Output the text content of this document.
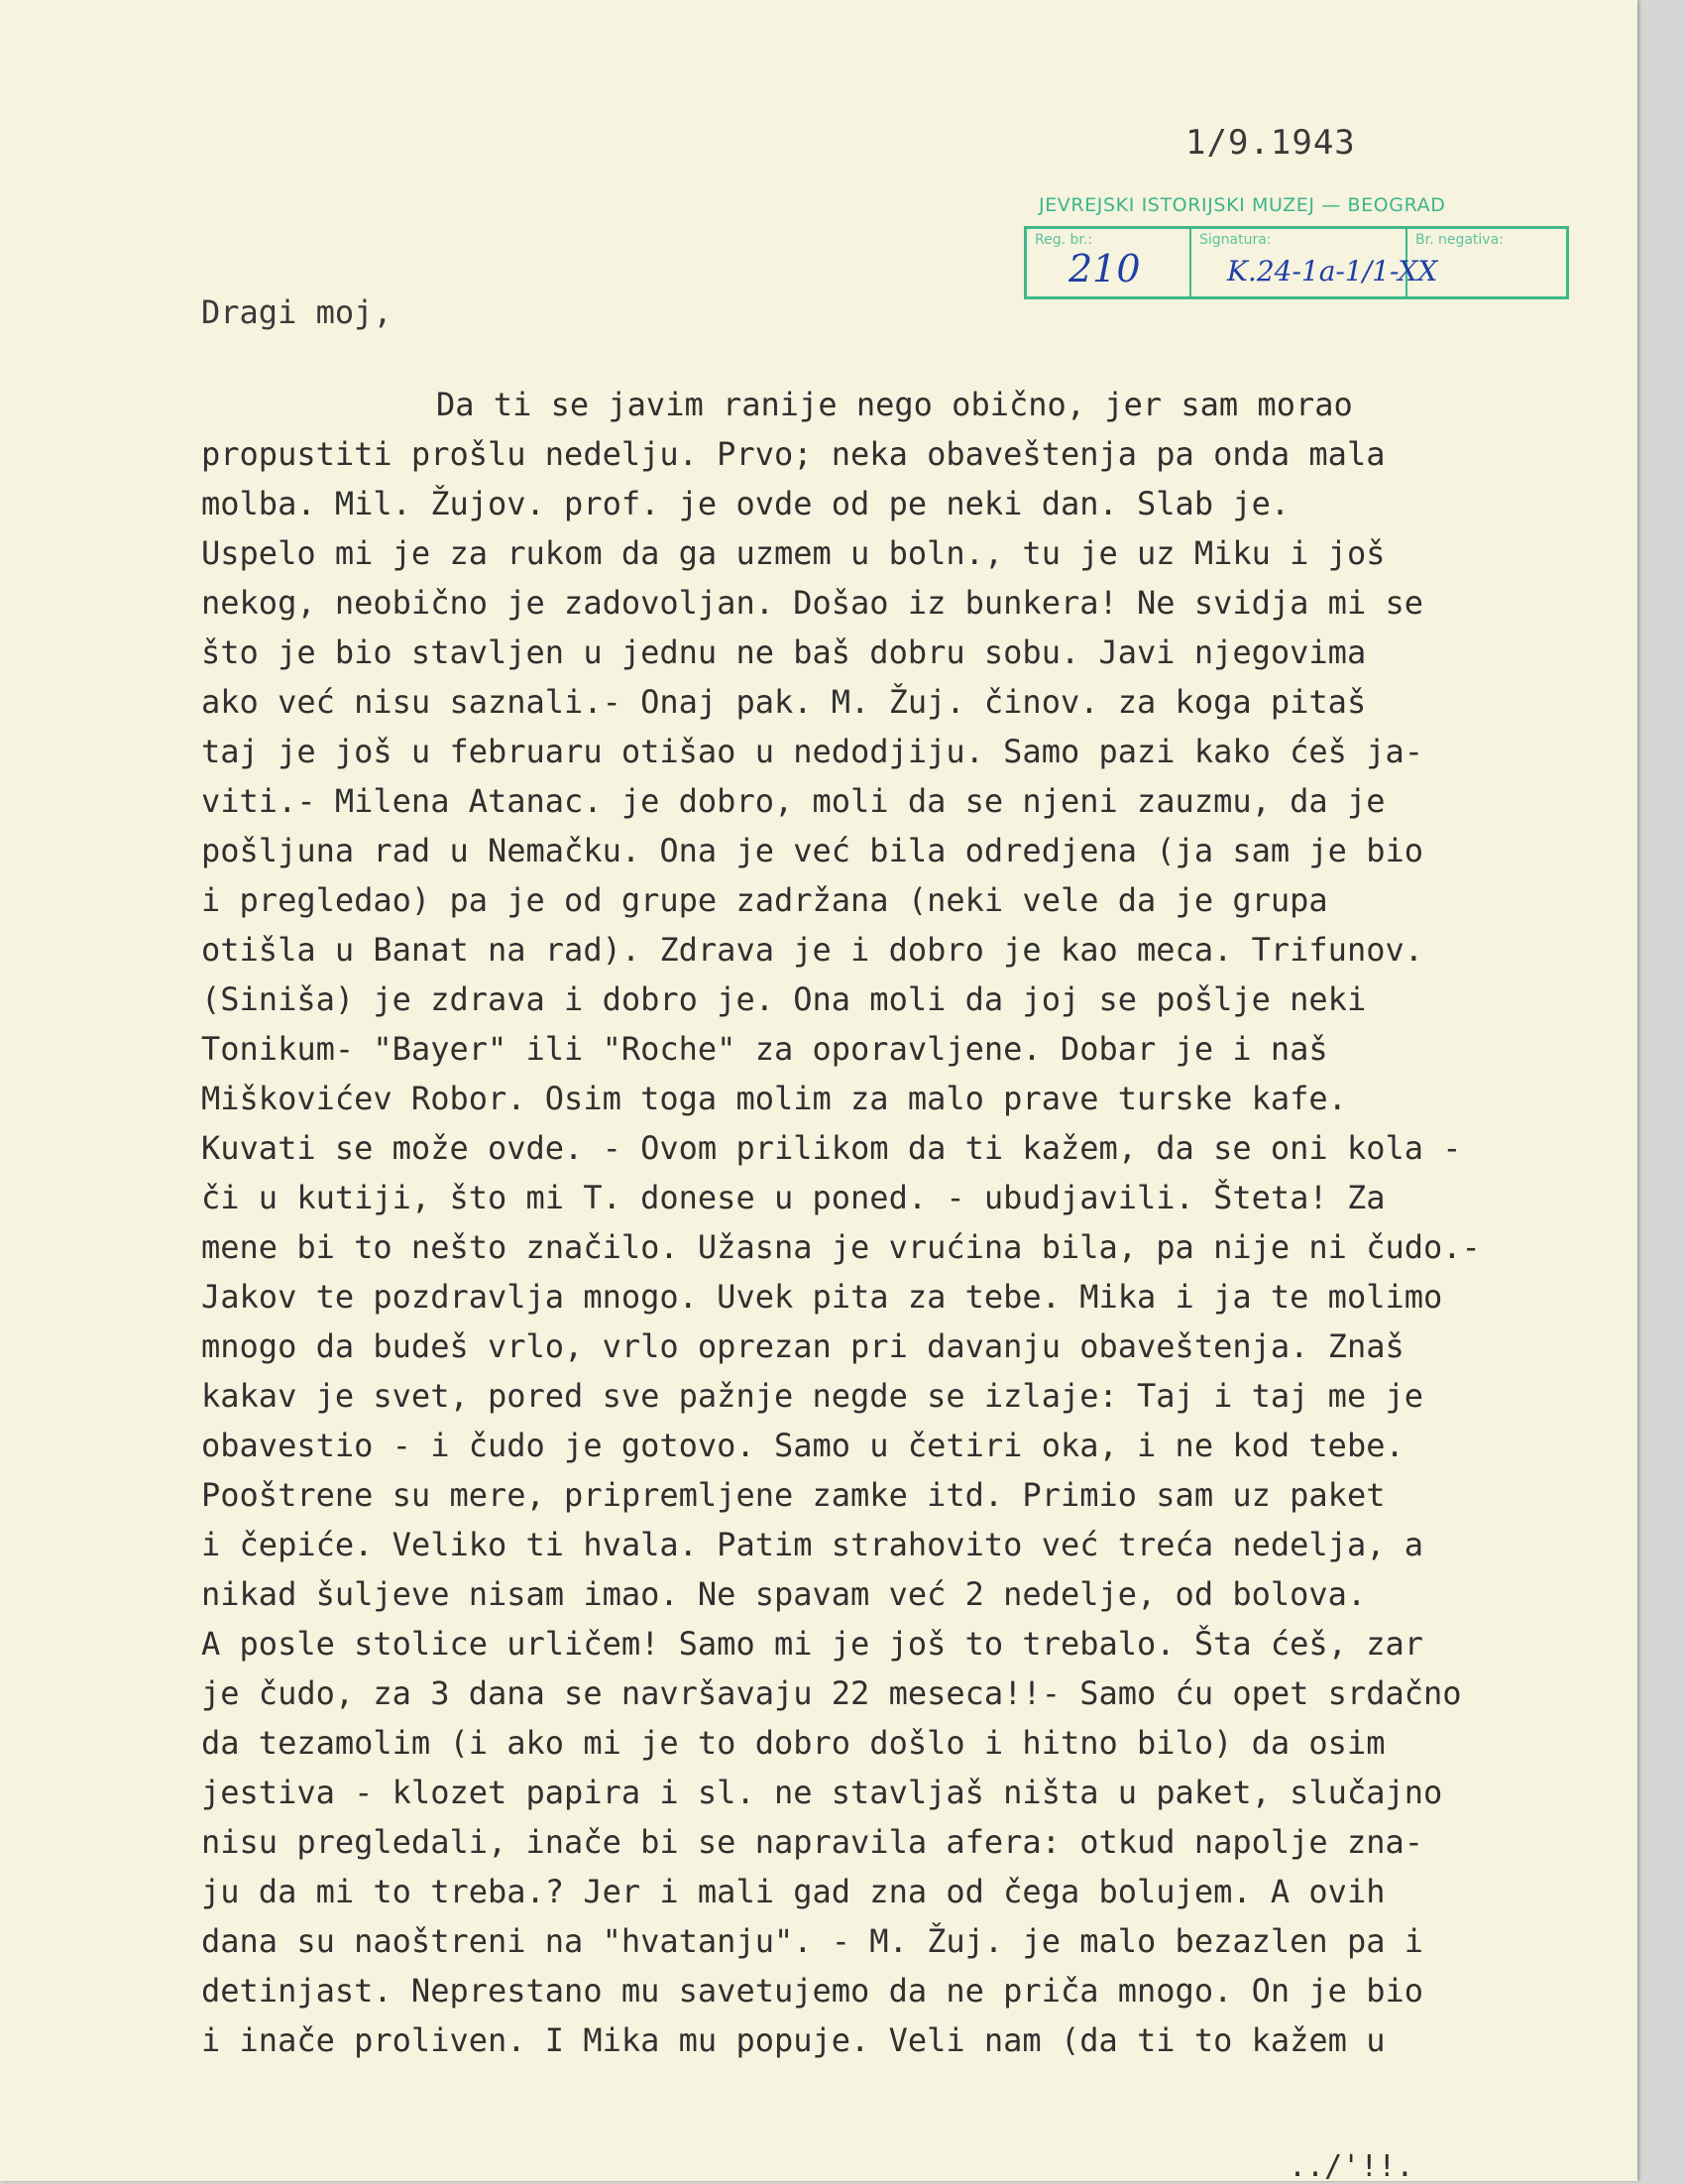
1/9.1943
JEVREJSKI ISTORIJSKI MUZEJ — BEOGRAD
Reg. br.:
210
Signatura:
K.24-1a-1/1-XX
Br. negativa:
Dragi moj,
Da ti se javim ranije nego obično, jer sam morao
propustiti prošlu nedelju. Prvo; neka obaveštenja pa onda mala
molba. Mil. Žujov. prof. je ovde od pe neki dan. Slab je.
Uspelo mi je za rukom da ga uzmem u boln., tu je uz Miku i još
nekog, neobično je zadovoljan. Došao iz bunkera! Ne svidja mi se
što je bio stavljen u jednu ne baš dobru sobu. Javi njegovima
ako već nisu saznali.- Onaj pak. M. Žuj. činov. za koga pitaš
taj je još u februaru otišao u nedodjiju. Samo pazi kako ćeš ja-
viti.- Milena Atanac. je dobro, moli da se njeni zauzmu, da je
pošljuna rad u Nemačku. Ona je već bila odredjena (ja sam je bio
i pregledao) pa je od grupe zadržana (neki vele da je grupa
otišla u Banat na rad). Zdrava je i dobro je kao meca. Trifunov.
(Siniša) je zdrava i dobro je. Ona moli da joj se pošlje neki
Tonikum- "Bayer" ili "Roche" za oporavljene. Dobar je i naš
Miškovićev Robor. Osim toga molim za malo prave turske kafe.
Kuvati se može ovde. - Ovom prilikom da ti kažem, da se oni kola -
či u kutiji, što mi T. donese u poned. - ubudjavili. Šteta! Za
mene bi to nešto značilo. Užasna je vrućina bila, pa nije ni čudo.-
Jakov te pozdravlja mnogo. Uvek pita za tebe. Mika i ja te molimo
mnogo da budeš vrlo, vrlo oprezan pri davanju obaveštenja. Znaš
kakav je svet, pored sve pažnje negde se izlaje: Taj i taj me je
obavestio - i čudo je gotovo. Samo u četiri oka, i ne kod tebe.
Pooštrene su mere, pripremljene zamke itd. Primio sam uz paket
i čepiće. Veliko ti hvala. Patim strahovito već treća nedelja, a
nikad šuljeve nisam imao. Ne spavam već 2 nedelje, od bolova.
A posle stolice urličem! Samo mi je još to trebalo. Šta ćeš, zar
je čudo, za 3 dana se navršavaju 22 meseca!!- Samo ću opet srdačno
da tezamolim (i ako mi je to dobro došlo i hitno bilo) da osim
jestiva - klozet papira i sl. ne stavljaš ništa u paket, slučajno
nisu pregledali, inače bi se napravila afera: otkud napolje zna-
ju da mi to treba.? Jer i mali gad zna od čega bolujem. A ovih
dana su naoštreni na "hvatanju". - M. Žuj. je malo bezazlen pa i
detinjast. Neprestano mu savetujemo da ne priča mnogo. On je bio
i inače proliven. I Mika mu popuje. Veli nam (da ti to kažem u
../'!!.
